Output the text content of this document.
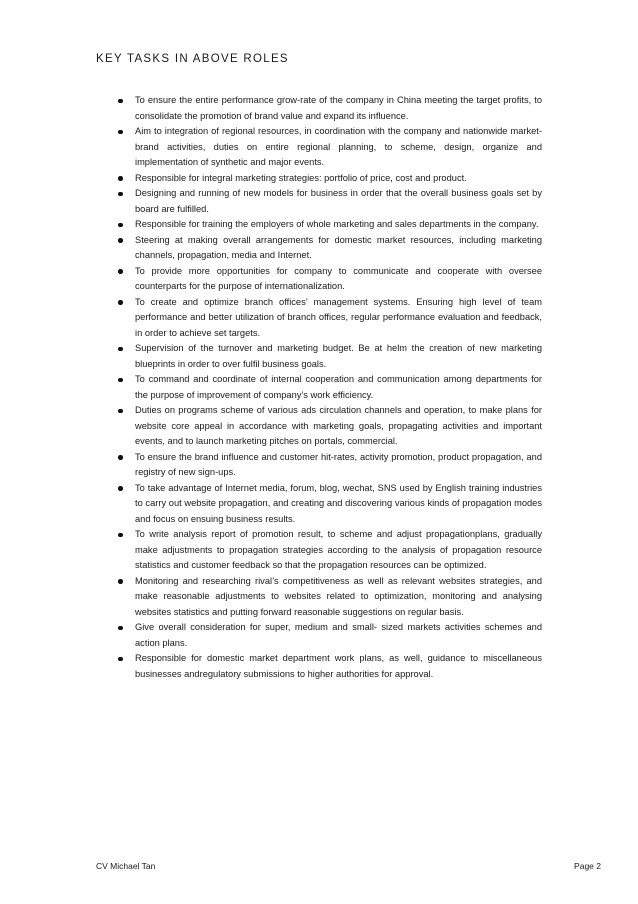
KEY TASKS IN ABOVE ROLES
To ensure the entire performance grow-rate of the company in China meeting the target profits, to consolidate the promotion of brand value and expand its influence.
Aim to integration of regional resources, in coordination with the company and nationwide market- brand activities, duties on entire regional planning, to scheme, design, organize and implementation of synthetic and major events.
Responsible for integral marketing strategies: portfolio of price, cost and product.
Designing and running of new models for business in order that the overall business goals set by board are fulfilled.
Responsible for training the employers of whole marketing and sales departments in the company.
Steering at making overall arrangements for domestic market resources, including marketing channels, propagation, media and Internet.
To provide more opportunities for company to communicate and cooperate with oversee counterparts for the purpose of internationalization.
To create and optimize branch offices’ management systems. Ensuring high level of team performance and better utilization of branch offices, regular performance evaluation and feedback, in order to achieve set targets.
Supervision of the turnover and marketing budget. Be at helm the creation of new marketing blueprints in order to over fulfil business goals.
To command and coordinate of internal cooperation and communication among departments for the purpose of improvement of company’s work efficiency.
Duties on programs scheme of various ads circulation channels and operation, to make plans for website core appeal in accordance with marketing goals, propagating activities and important events, and to launch marketing pitches on portals, commercial.
To ensure the brand influence and customer hit-rates, activity promotion, product propagation, and registry of new sign-ups.
To take advantage of Internet media, forum, blog, wechat, SNS used by English training industries to carry out website propagation, and creating and discovering various kinds of propagation modes and focus on ensuing business results.
To write analysis report of promotion result, to scheme and adjust propagationplans, gradually make adjustments to propagation strategies according to the analysis of propagation resource statistics and customer feedback so that the propagation resources can be optimized.
Monitoring and researching rival’s competitiveness as well as relevant websites strategies, and make reasonable adjustments to websites related to optimization, monitoring and analysing websites statistics and putting forward reasonable suggestions on regular basis.
Give overall consideration for super, medium and small- sized markets activities schemes and action plans.
Responsible for domestic market department work plans, as well, guidance to miscellaneous businesses andregulatory submissions to higher authorities for approval.
CV Michael Tan	Page 2
